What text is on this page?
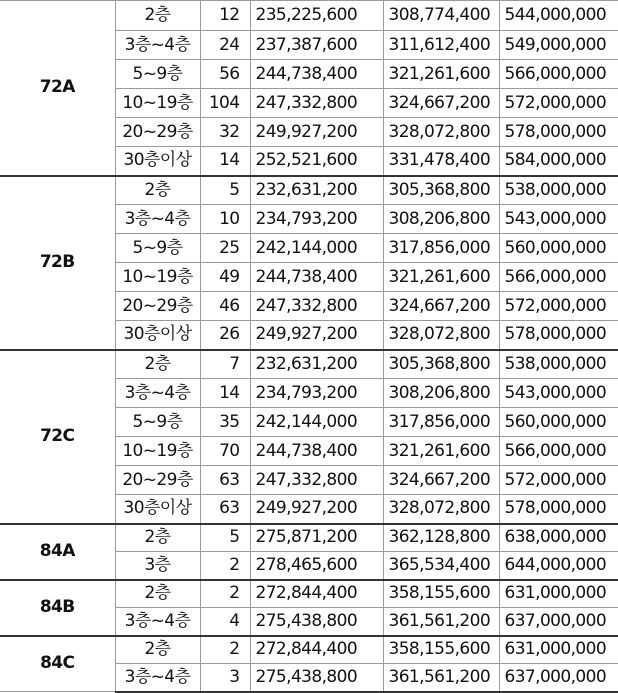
72A	2층	12	235,225,600	308,774,400	544,000,000
	3층~4층	24	237,387,600	311,612,400	549,000,000
	5~9층	56	244,738,400	321,261,600	566,000,000
	10~19층	104	247,332,800	324,667,200	572,000,000
	20~29층	32	249,927,200	328,072,800	578,000,000
	30층이상	14	252,521,600	331,478,400	584,000,000
72B	2층	5	232,631,200	305,368,800	538,000,000
	3층~4층	10	234,793,200	308,206,800	543,000,000
	5~9층	25	242,144,000	317,856,000	560,000,000
	10~19층	49	244,738,400	321,261,600	566,000,000
	20~29층	46	247,332,800	324,667,200	572,000,000
	30층이상	26	249,927,200	328,072,800	578,000,000
72C	2층	7	232,631,200	305,368,800	538,000,000
	3층~4층	14	234,793,200	308,206,800	543,000,000
	5~9층	35	242,144,000	317,856,000	560,000,000
	10~19층	70	244,738,400	321,261,600	566,000,000
	20~29층	63	247,332,800	324,667,200	572,000,000
	30층이상	63	249,927,200	328,072,800	578,000,000
84A	2층	5	275,871,200	362,128,800	638,000,000
	3층	2	278,465,600	365,534,400	644,000,000
84B	2층	2	272,844,400	358,155,600	631,000,000
	3층~4층	4	275,438,800	361,561,200	637,000,000
84C	2층	2	272,844,400	358,155,600	631,000,000
	3층~4층	3	275,438,800	361,561,200	637,000,000
